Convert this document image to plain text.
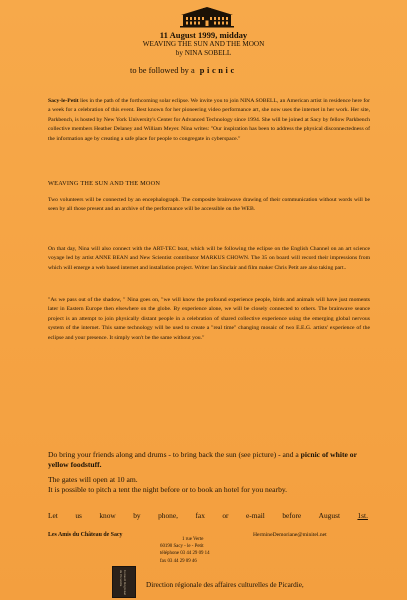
11 August 1999, midday
WEAVING THE SUN AND THE MOON
by NINA SOBELL
to be followed by a picnic
Sacy-le-Petit lies in the path of the forthcoming solar eclipse. We invite you to join NINA SOBELL, an American artist in residence here for a week for a celebration of this event. Best known for her pioneering video performance art, she now uses the internet in her work. Her site, Parkbench, is hosted by New York University's Center for Advanced Technology since 1994. She will be joined at Sacy by fellow Parkbench collective members Heather Delaney and William Meyer. Nina writes: "Our inspiration has been to address the physical disconnectedness of the information age by creating a safe place for people to congregate in cyberspace."
WEAVING THE SUN AND THE MOON
Two volunteers will be connected by an encephalograph. The composite brainwave drawing of their communication without words will be seen by all those present and an archive of the performance will be accessible on the WEB.
On that day, Nina will also connect with the ART-TEC boat, which will be following the eclipse on the English Channel on an art science voyage led by artist ANNE BEAN and New Scientist contributor MARKUS CHOWN. The 35 on board will record their impressions from which will emerge a web based internet and installation project. Writer Ian Sinclair and film maker Chris Petit are also taking part..
"As we pass out of the shadow, " Nina goes on, "we will know the profound experience people, birds and animals will have just moments later in Eastern Europe then elsewhere on the globe. By experience alone, we will be closely connected to others. The brainwave seance project is an attempt to join physically distant people in a celebration of shared collective experience using the emerging global nervous system of the internet. This same technology will be used to create a "real time" changing mosaic of two E.E.G. artists' experience of the eclipse and your presence. It simply won't be the same without you."
Do bring your friends along and drums - to bring back the sun (see picture) - and a picnic of white or yellow foodstuff.
The gates will open at 10 am.
It is possible to pitch a tent the night before or to book an hotel for you nearby.
Let us know by phone, fax or e-mail before August 1st.
Les Amis du Château de Sacy
1 rue Verte
60190 Sacy - le - Petit
téléphone 03 44 29 09 14
fax 03 44 29 09 46
HermineDemoriane@minitel.net
Conseil Régional de Picardie	Direction régionale des affaires culturelles de Picardie,
